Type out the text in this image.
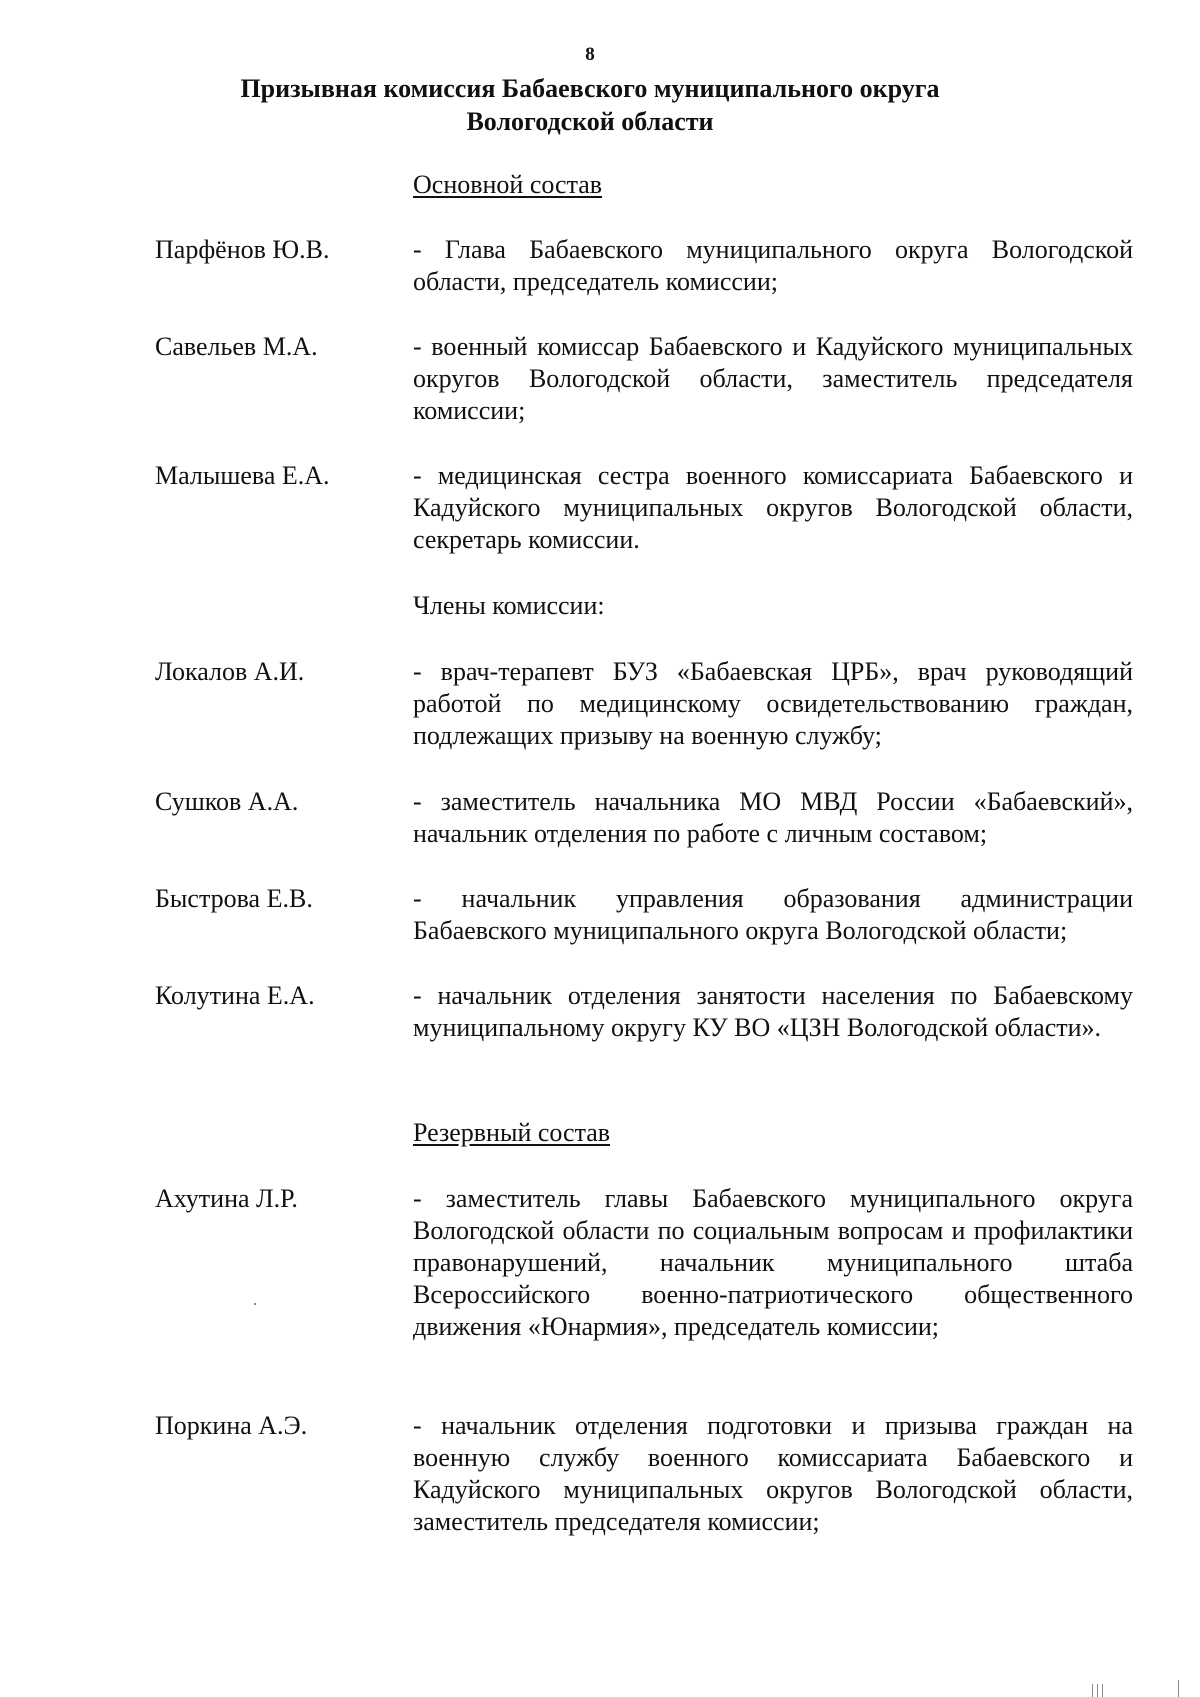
8
Призывная комиссия Бабаевского муниципального округа
Вологодской области
Основной состав
Парфёнов Ю.В.	- Глава Бабаевского муниципального округа Вологодской области, председатель комиссии;
Савельев М.А.	- военный комиссар Бабаевского и Кадуйского муниципальных округов Вологодской области, заместитель председателя комиссии;
Малышева Е.А.	- медицинская сестра военного комиссариата Бабаевского и Кадуйского муниципальных округов Вологодской области, секретарь комиссии.
Члены комиссии:
Локалов А.И.	- врач-терапевт БУЗ «Бабаевская ЦРБ», врач руководящий работой по медицинскому освидетельствованию граждан, подлежащих призыву на военную службу;
Сушков А.А.	- заместитель начальника МО МВД России «Бабаевский», начальник отделения по работе с личным составом;
Быстрова Е.В.	- начальник управления образования администрации Бабаевского муниципального округа Вологодской области;
Колутина Е.А.	- начальник отделения занятости населения по Бабаевскому муниципальному округу КУ ВО «ЦЗН Вологодской области».
Резервный состав
Ахутина Л.Р.	- заместитель главы Бабаевского муниципального округа Вологодской области по социальным вопросам и профилактики правонарушений, начальник муниципального штаба Всероссийского военно-патриотического общественного движения «Юнармия», председатель комиссии;
Поркина А.Э.	- начальник отделения подготовки и призыва граждан на военную службу военного комиссариата Бабаевского и Кадуйского муниципальных округов Вологодской области, заместитель председателя комиссии;
